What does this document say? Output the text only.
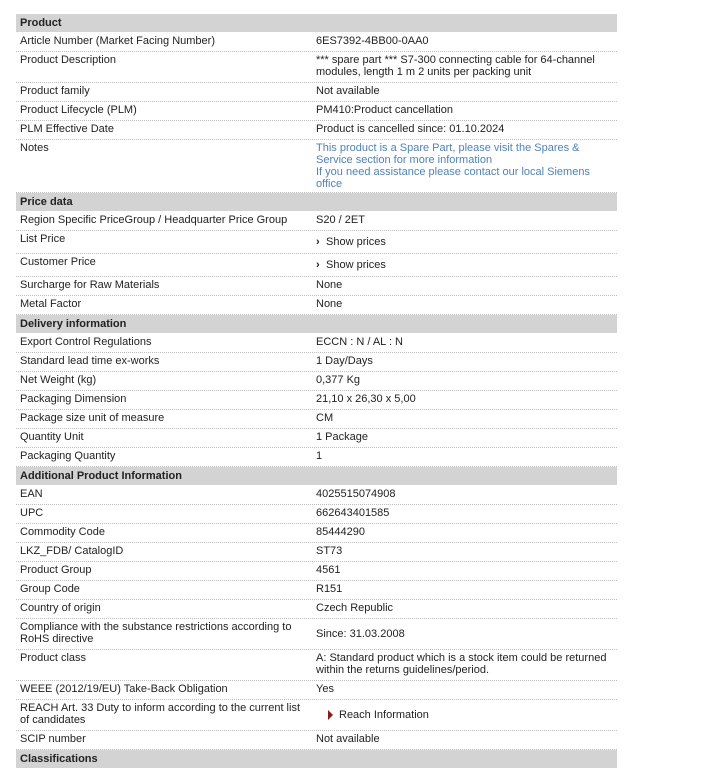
Product
Article Number (Market Facing Number)	6ES7392-4BB00-0AA0
Product Description	*** spare part *** S7-300 connecting cable for 64-channel modules, length 1 m 2 units per packing unit
Product family	Not available
Product Lifecycle (PLM)	PM410:Product cancellation
PLM Effective Date	Product is cancelled since: 01.10.2024
Notes	This product is a Spare Part, please visit the Spares & Service section for more information
If you need assistance please contact our local Siemens office
Price data
Region Specific PriceGroup / Headquarter Price Group	S20 / 2ET
List Price	› Show prices
Customer Price	› Show prices
Surcharge for Raw Materials	None
Metal Factor	None
Delivery information
Export Control Regulations	ECCN : N / AL : N
Standard lead time ex-works	1 Day/Days
Net Weight (kg)	0,377 Kg
Packaging Dimension	21,10 x 26,30 x 5,00
Package size unit of measure	CM
Quantity Unit	1 Package
Packaging Quantity	1
Additional Product Information
EAN	4025515074908
UPC	662643401585
Commodity Code	85444290
LKZ_FDB/ CatalogID	ST73
Product Group	4561
Group Code	R151
Country of origin	Czech Republic
Compliance with the substance restrictions according to RoHS directive	Since: 31.03.2008
Product class	A: Standard product which is a stock item could be returned within the returns guidelines/period.
WEEE (2012/19/EU) Take-Back Obligation	Yes
REACH Art. 33 Duty to inform according to the current list of candidates	Reach Information
SCIP number	Not available
Classifications
